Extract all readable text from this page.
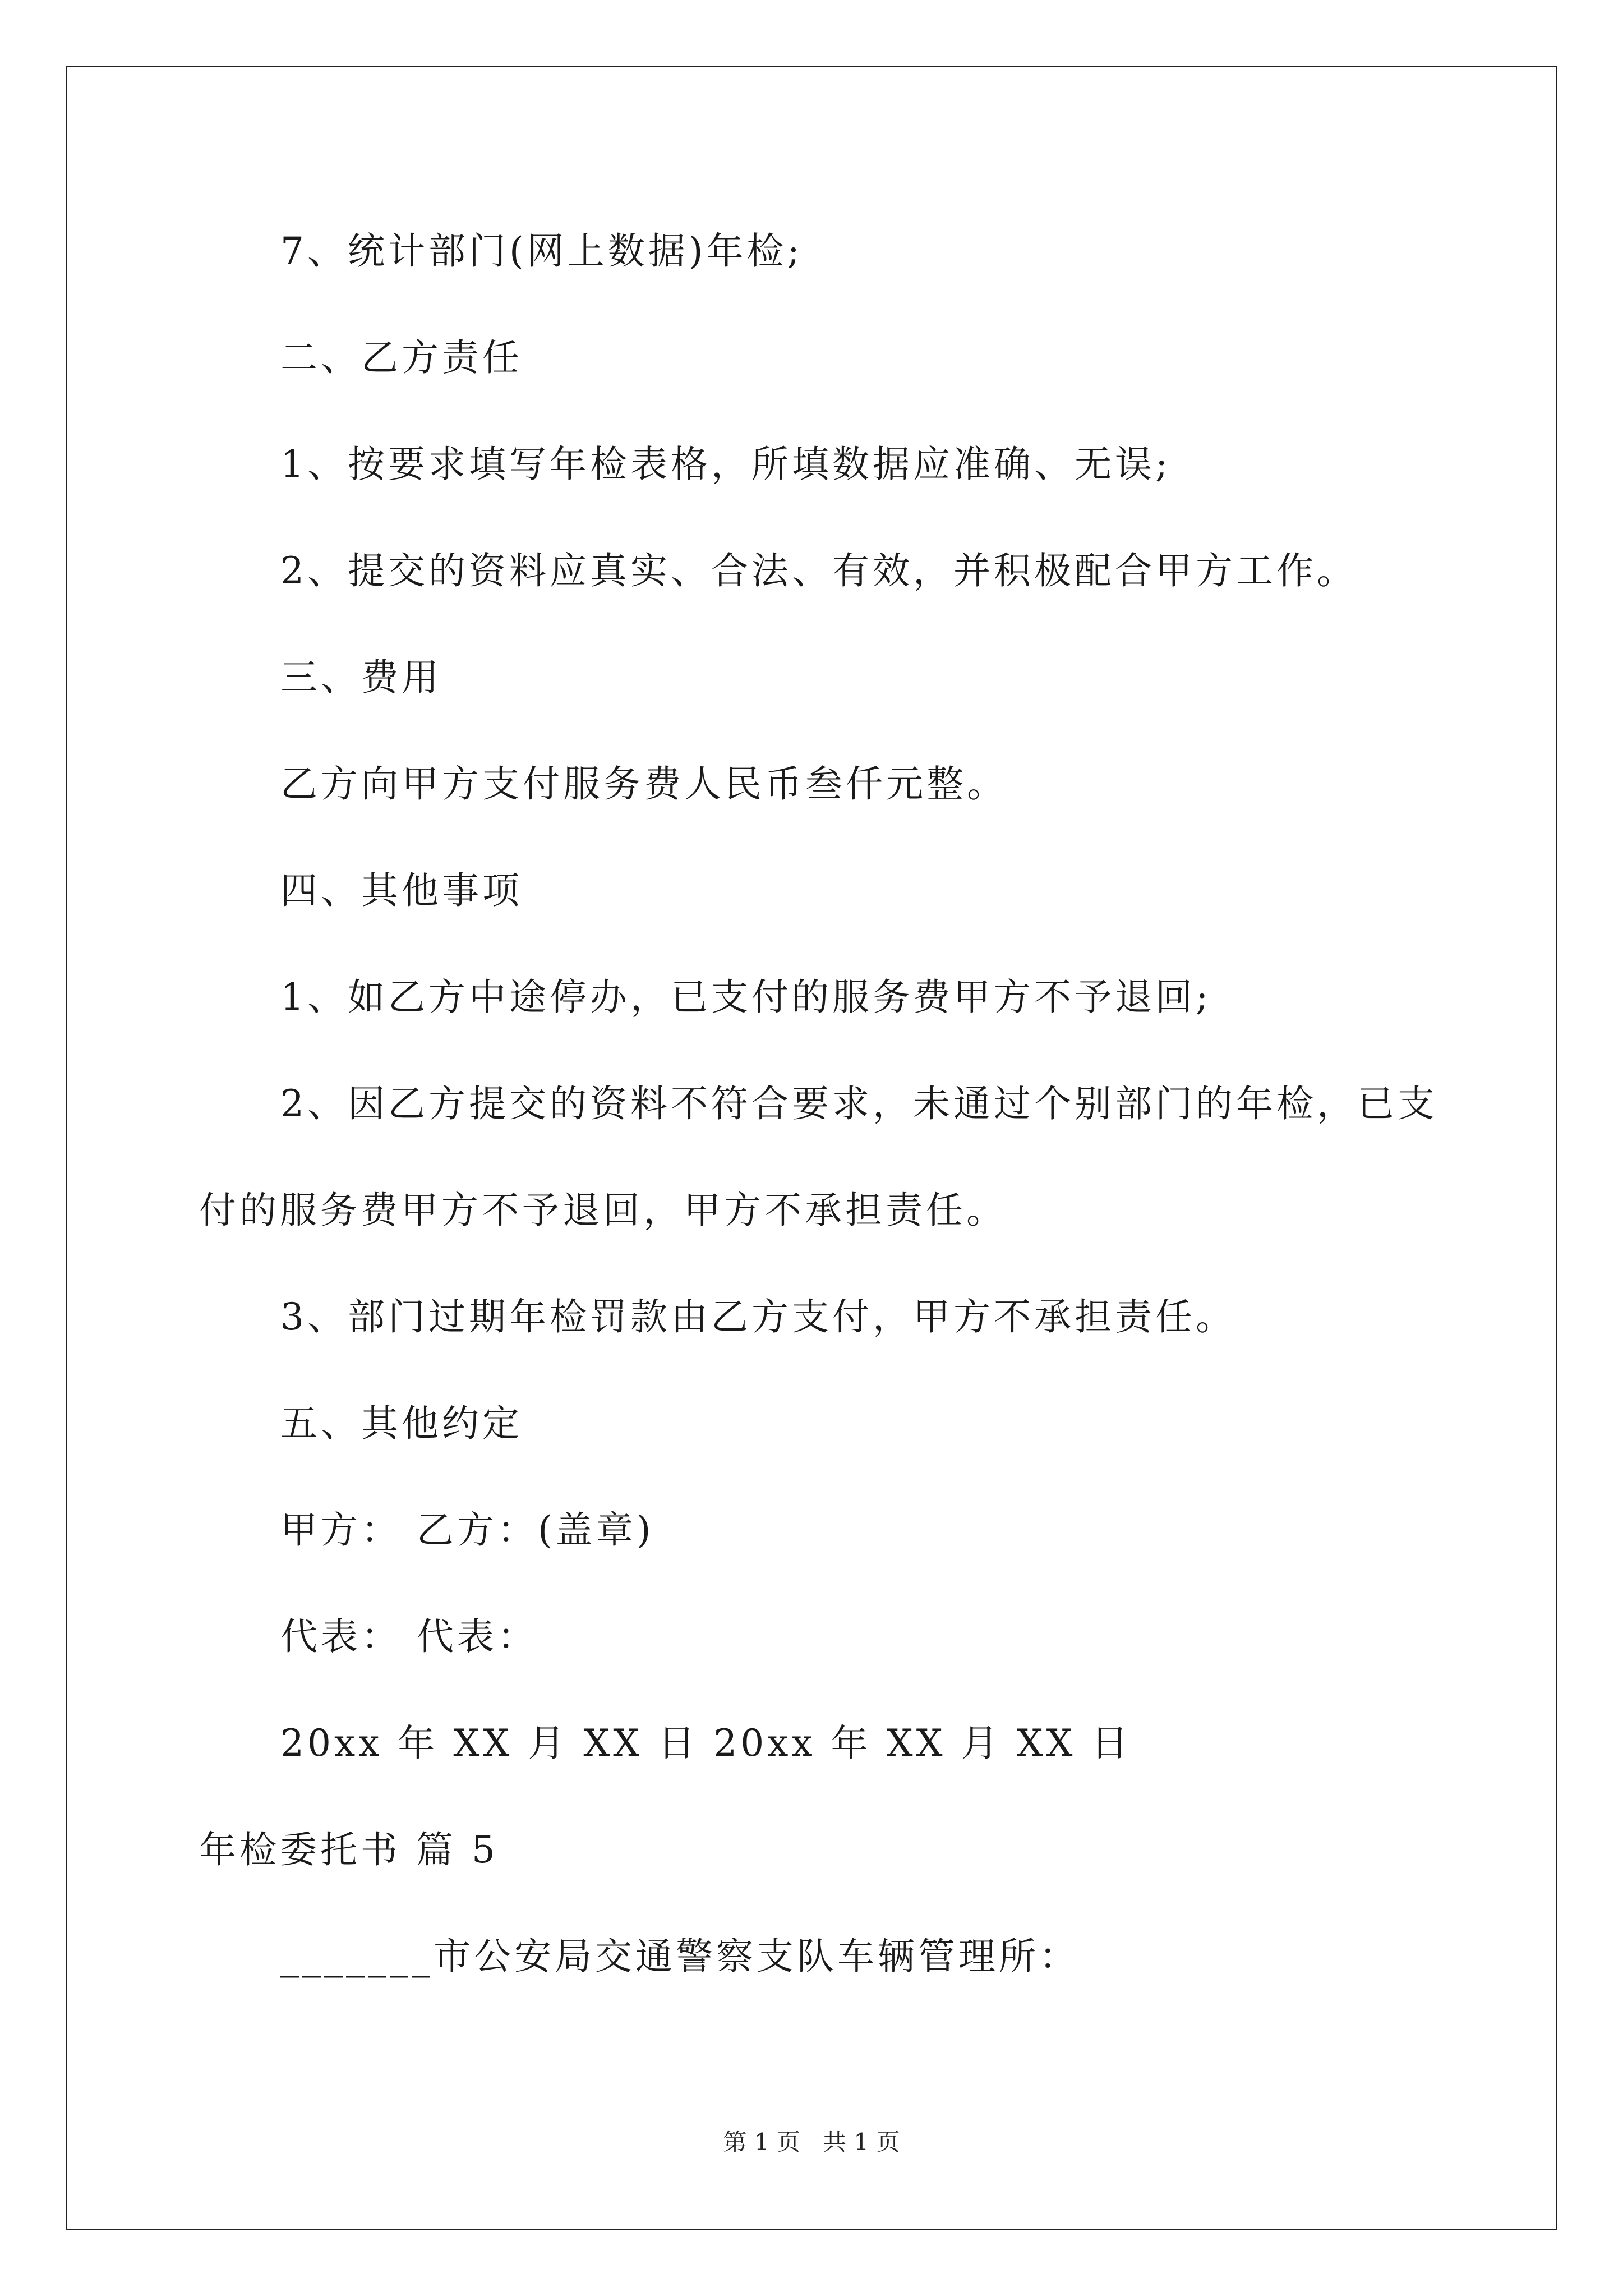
7、统计部门(网上数据)年检;
二、乙方责任
1、按要求填写年检表格，所填数据应准确、无误;
2、提交的资料应真实、合法、有效，并积极配合甲方工作。
三、费用
乙方向甲方支付服务费人民币叁仟元整。
四、其他事项
1、如乙方中途停办，已支付的服务费甲方不予退回;
2、因乙方提交的资料不符合要求，未通过个别部门的年检，已支
付的服务费甲方不予退回，甲方不承担责任。
3、部门过期年检罚款由乙方支付，甲方不承担责任。
五、其他约定
甲方： 乙方：(盖章)
代表： 代表：
20xx 年 XX 月 XX 日 20xx 年 XX 月 XX 日
年检委托书 篇 5
_______市公安局交通警察支队车辆管理所：
第 1 页   共 1 页
